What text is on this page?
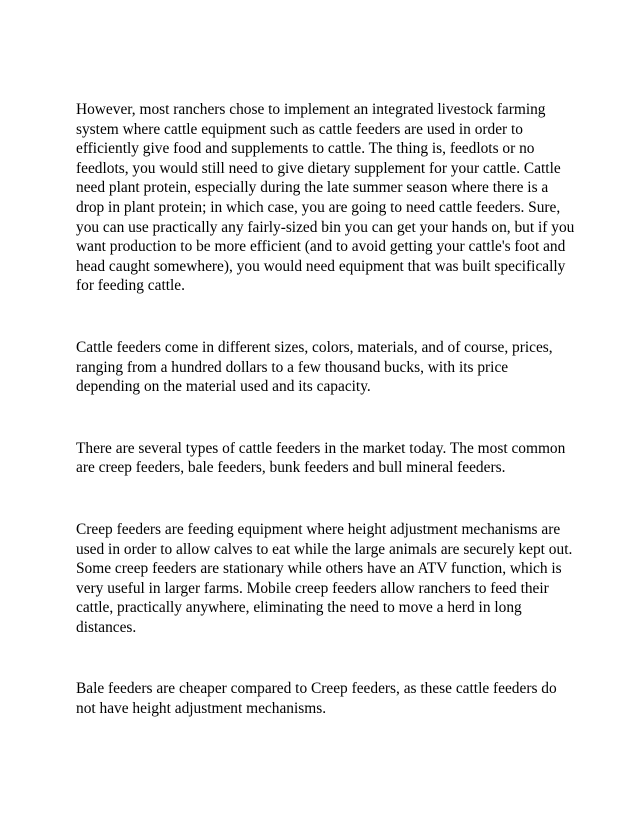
However, most ranchers chose to implement an integrated livestock farming system where cattle equipment such as cattle feeders are used in order to efficiently give food and supplements to cattle. The thing is, feedlots or no feedlots, you would still need to give dietary supplement for your cattle. Cattle need plant protein, especially during the late summer season where there is a drop in plant protein; in which case, you are going to need cattle feeders. Sure, you can use practically any fairly-sized bin you can get your hands on, but if you want production to be more efficient (and to avoid getting your cattle's foot and head caught somewhere), you would need equipment that was built specifically for feeding cattle.

Cattle feeders come in different sizes, colors, materials, and of course, prices, ranging from a hundred dollars to a few thousand bucks, with its price depending on the material used and its capacity.

There are several types of cattle feeders in the market today. The most common are creep feeders, bale feeders, bunk feeders and bull mineral feeders.

Creep feeders are feeding equipment where height adjustment mechanisms are used in order to allow calves to eat while the large animals are securely kept out. Some creep feeders are stationary while others have an ATV function, which is very useful in larger farms. Mobile creep feeders allow ranchers to feed their cattle, practically anywhere, eliminating the need to move a herd in long distances.

Bale feeders are cheaper compared to Creep feeders, as these cattle feeders do not have height adjustment mechanisms.
